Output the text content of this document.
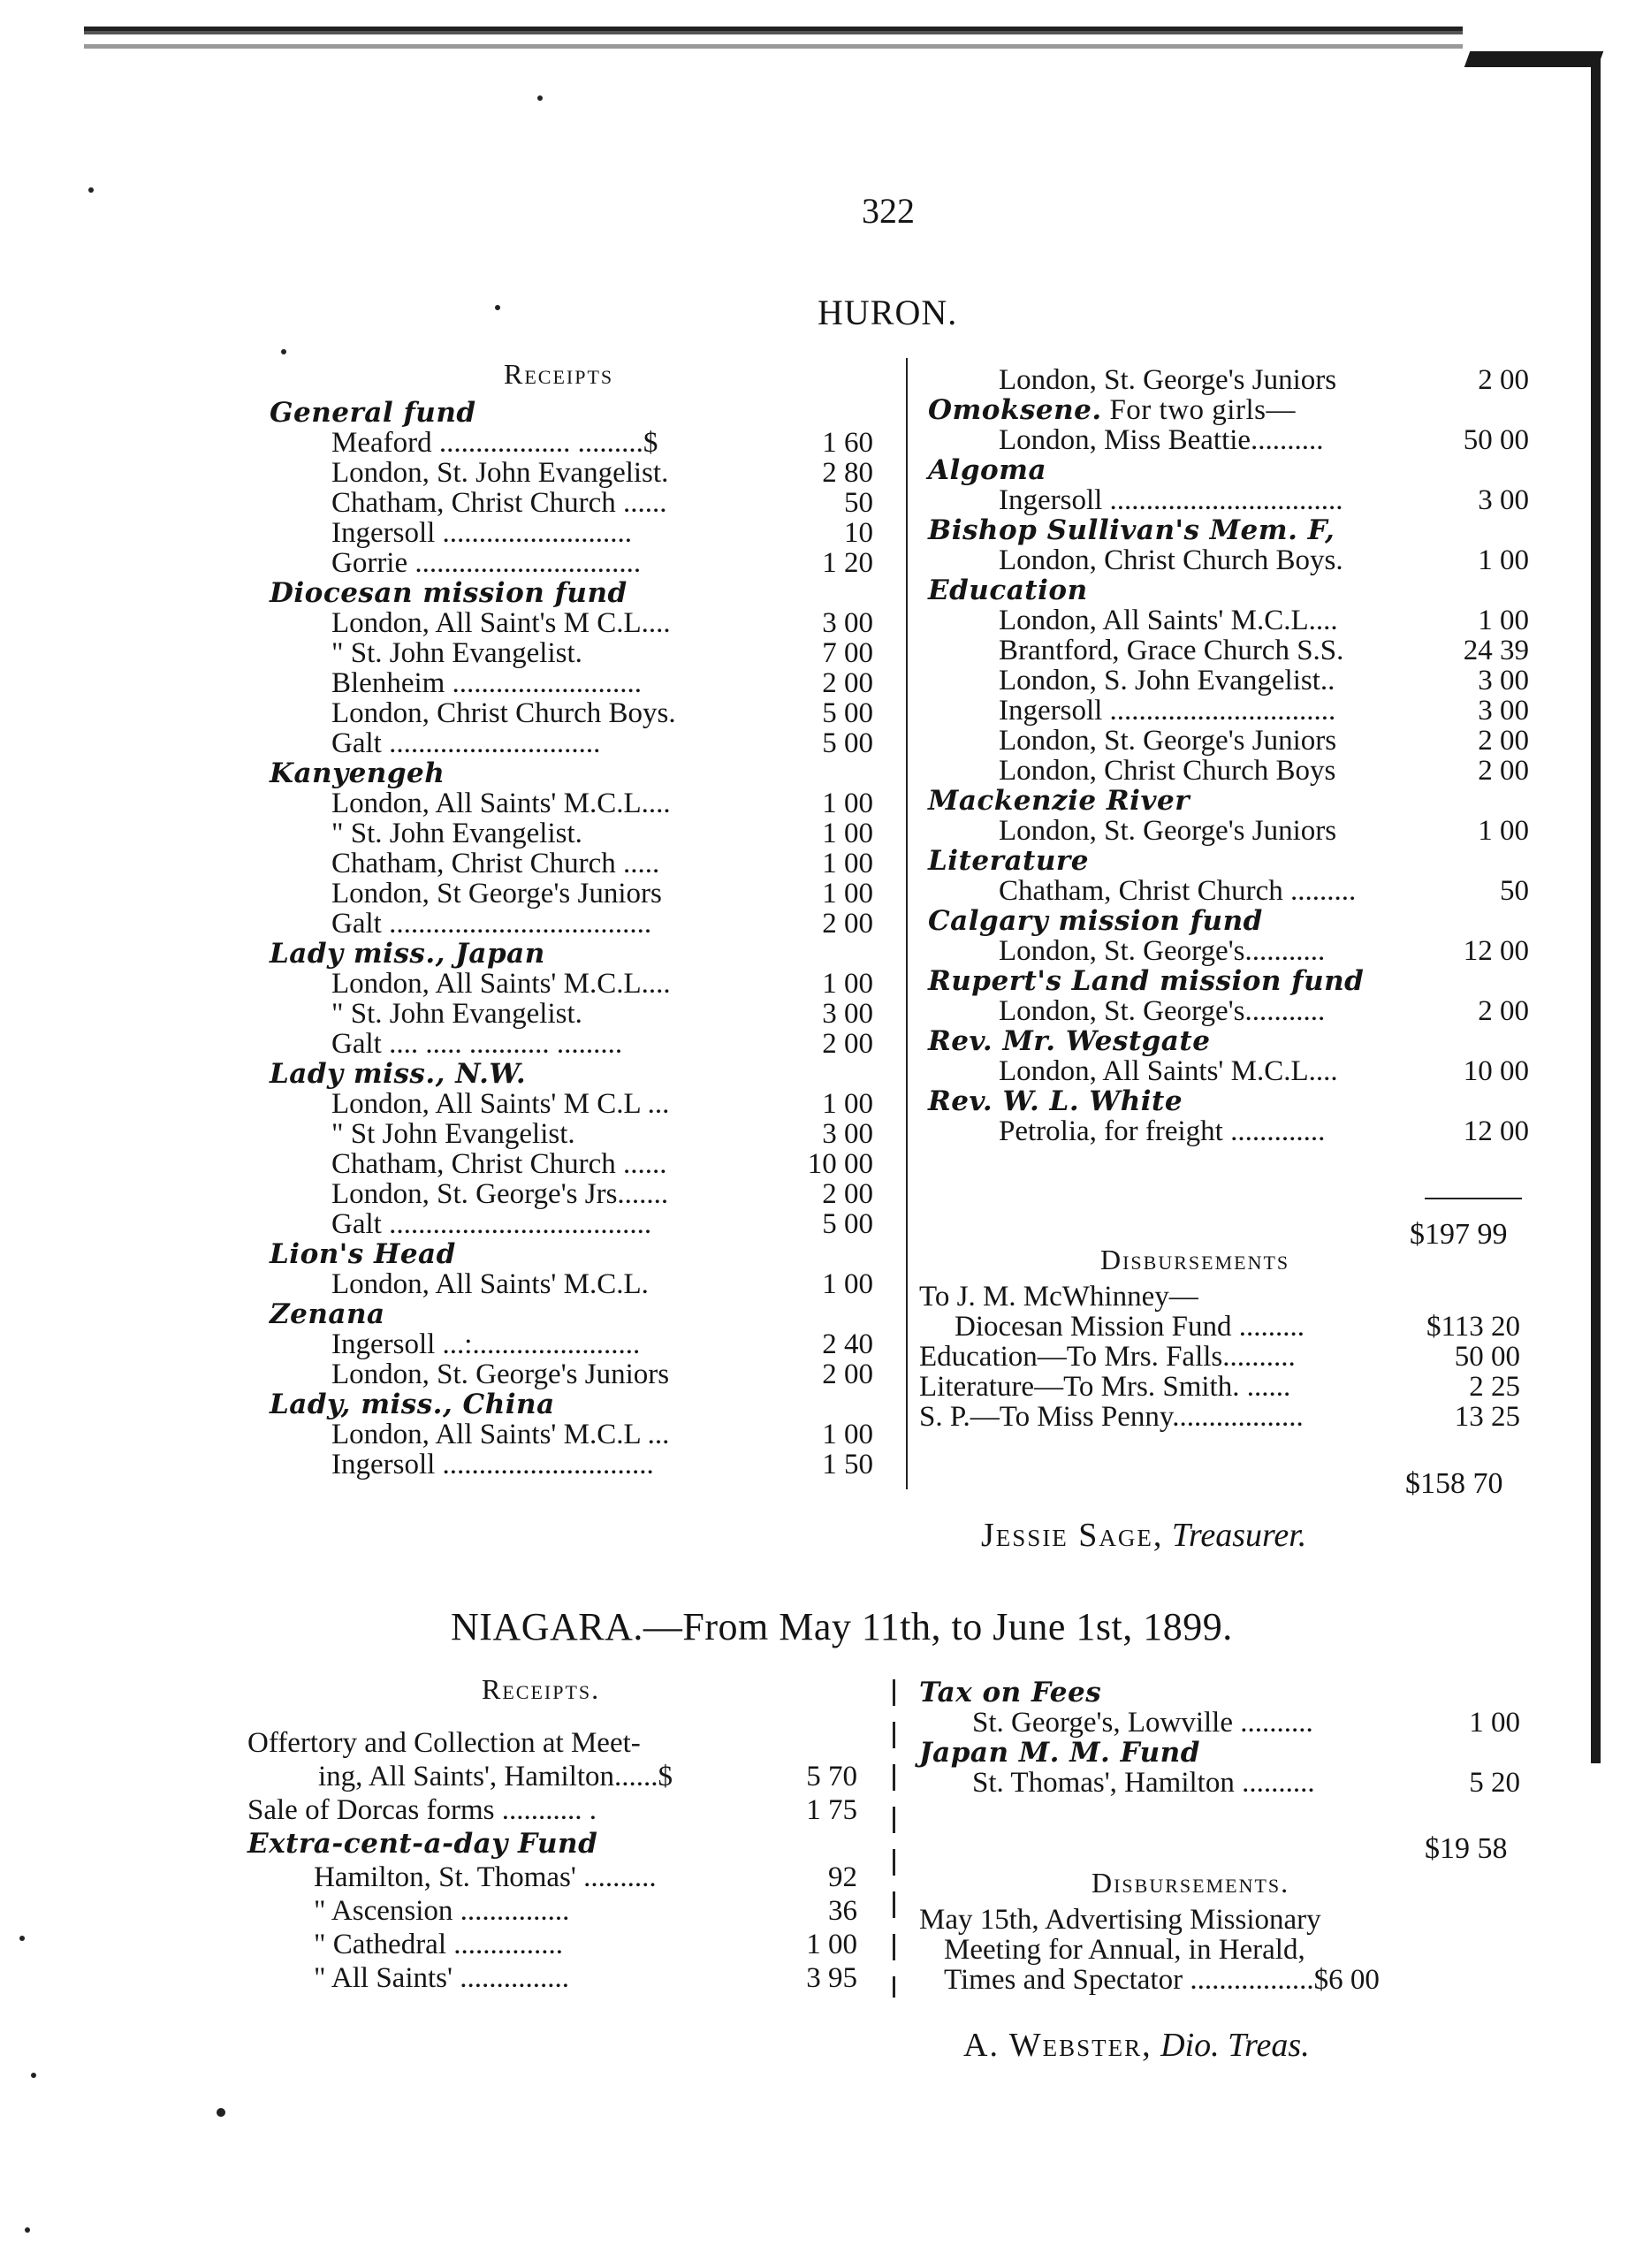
322
HURON.
Receipts
General fund
Meaford .................. .........$	1 60
London, St. John Evangelist.	2 80
Chatham, Christ Church ......	50
Ingersoll ..........................	10
Gorrie ...............................	1 20
Diocesan mission fund
London, All Saint's M C.L....	3 00
" St. John Evangelist.	7 00
Blenheim ..........................	2 00
London, Christ Church Boys.	5 00
Galt .............................	5 00
Kanyengeh
London, All Saints' M.C.L....	1 00
" St. John Evangelist.	1 00
Chatham, Christ Church .....	1 00
London, St George's Juniors	1 00
Galt ....................................	2 00
Lady miss., Japan
London, All Saints' M.C.L....	1 00
" St. John Evangelist.	3 00
Galt .... ..... ........... .........	2 00
Lady miss., N.W.
London, All Saints' M C.L ...	1 00
" St John Evangelist.	3 00
Chatham, Christ Church ......	10 00
London, St. George's Jrs.......	2 00
Galt ....................................	5 00
Lion's Head
London, All Saints' M.C.L.	1 00
Zenana
Ingersoll ...:.......................	2 40
London, St. George's Juniors	2 00
Lady, miss., China
London, All Saints' M.C.L ...	1 00
Ingersoll .............................	1 50
London, St. George's Juniors	2 00
Omoksene. For two girls—
London, Miss Beattie..........	50 00
Algoma
Ingersoll ................................	3 00
Bishop Sullivan's Mem. F,
London, Christ Church Boys.	1 00
Education
London, All Saints' M.C.L....	1 00
Brantford, Grace Church S.S.	24 39
London, S. John Evangelist..	3 00
Ingersoll ...............................	3 00
London, St. George's Juniors	2 00
London, Christ Church Boys	2 00
Mackenzie River
London, St. George's Juniors	1 00
Literature
Chatham, Christ Church .........	50
Calgary mission fund
London, St. George's...........	12 00
Rupert's Land mission fund
London, St. George's...........	2 00
Rev. Mr. Westgate
London, All Saints' M.C.L....	10 00
Rev. W. L. White
Petrolia, for freight .............	12 00
$197 99
Disbursements
To J. M. McWhinney—
Diocesan Mission Fund .........	$113 20
Education—To Mrs. Falls..........	50 00
Literature—To Mrs. Smith. ......	2 25
S. P.—To Miss Penny..................	13 25
$158 70
Jessie Sage, Treasurer.
NIAGARA.—From May 11th, to June 1st, 1899.
Receipts.
Offertory and Collection at Meet-
ing, All Saints', Hamilton......$	5 70
Sale of Dorcas forms ........... .	1 75
Extra-cent-a-day Fund
Hamilton, St. Thomas' ..........	92
" Ascension ...............	36
" Cathedral ...............	1 00
" All Saints' ...............	3 95
Tax on Fees
St. George's, Lowville ..........	1 00
Japan M. M. Fund
St. Thomas', Hamilton ..........	5 20
$19 58
Disbursements.
May 15th, Advertising Missionary
Meeting for Annual, in Herald,
Times and Spectator .................$6 00
A. Webster, Dio. Treas.
